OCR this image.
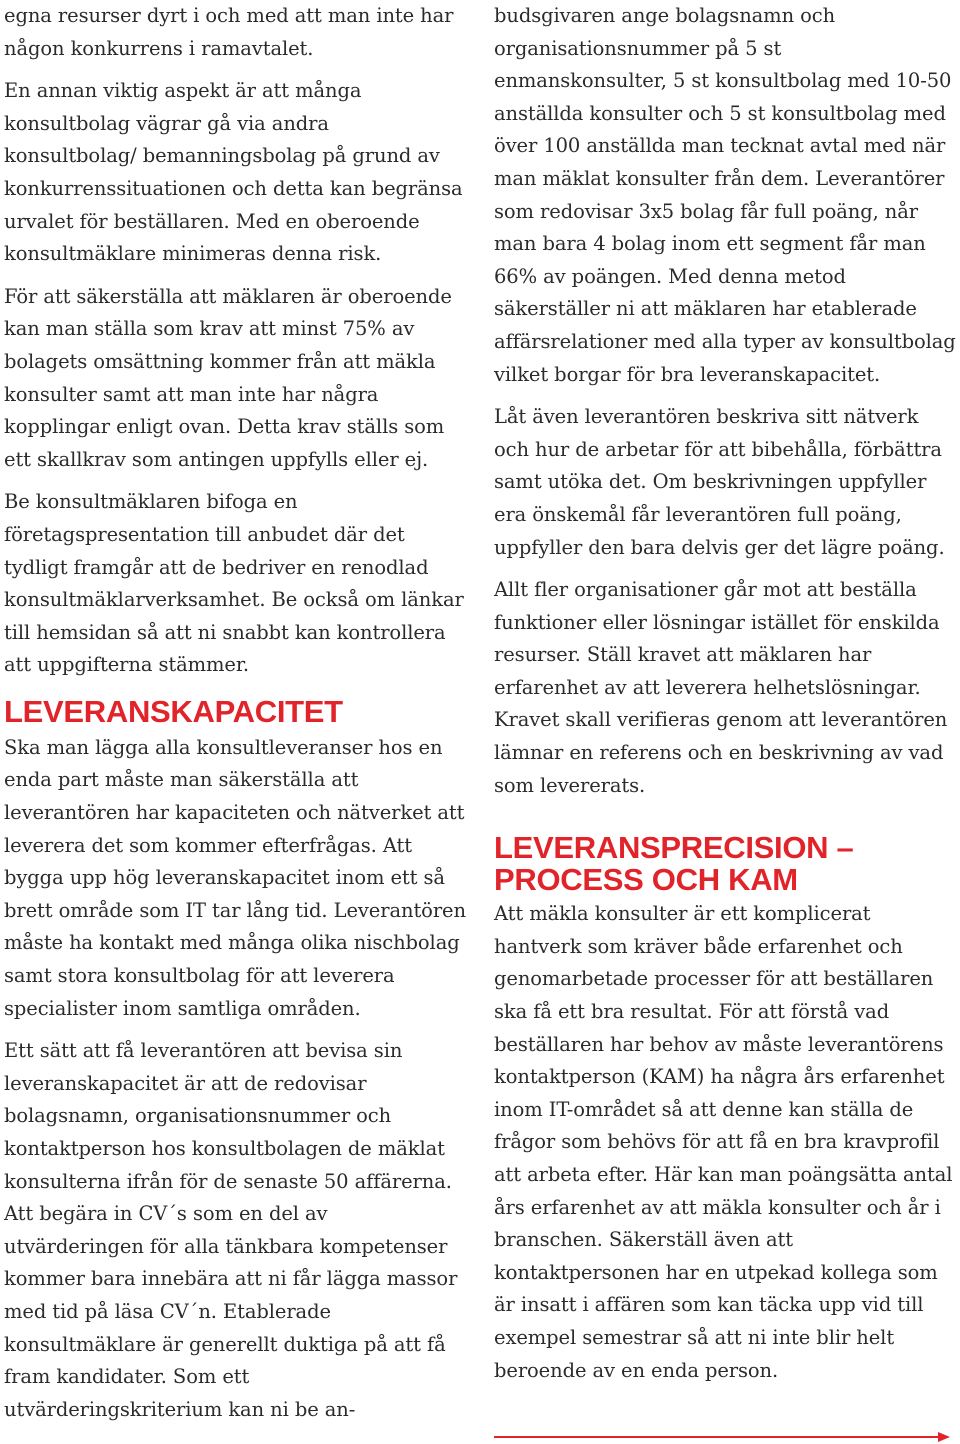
egna resurser dyrt i och med att man inte har någon konkurrens i ramavtalet.

En annan viktig aspekt är att många konsultbolag vägrar gå via andra konsultbolag/ bemanningsbolag på grund av konkurrenssituationen och detta kan begränsa urvalet för beställaren. Med en oberoende konsultmäklare minimeras denna risk.

För att säkerställa att mäklaren är oberoende kan man ställa som krav att minst 75% av bolagets omsättning kommer från att mäkla konsulter samt att man inte har några kopplingar enligt ovan. Detta krav ställs som ett skallkrav som antingen uppfylls eller ej.

Be konsultmäklaren bifoga en företagspresentation till anbudet där det tydligt framgår att de bedriver en renodlad konsultmäklarverksamhet. Be också om länkar till hemsidan så att ni snabbt kan kontrollera att uppgifterna stämmer.

LEVERANSKAPACITET

Ska man lägga alla konsultleveranser hos en enda part måste man säkerställa att leverantören har kapaciteten och nätverket att leverera det som kommer efterfrågas. Att bygga upp hög leveranskapacitet inom ett så brett område som IT tar lång tid. Leverantören måste ha kontakt med många olika nischbolag samt stora konsultbolag för att leverera specialister inom samtliga områden.

Ett sätt att få leverantören att bevisa sin leveranskapacitet är att de redovisar bolagsnamn, organisationsnummer och kontaktperson hos konsultbolagen de mäklat konsulterna ifrån för de senaste 50 affärerna. Att begära in CV´s som en del av utvärderingen för alla tänkbara kompetenser kommer bara innebära att ni får lägga massor med tid på läsa CV´n. Etablerade konsultmäklare är generellt duktiga på att få fram kandidater. Som ett utvärderingskriterium kan ni be an-

budsgivaren ange bolagsnamn och organisationsnummer på 5 st enmanskonsulter, 5 st konsultbolag med 10-50 anställda konsulter och 5 st konsultbolag med över 100 anställda man tecknat avtal med när man mäklat konsulter från dem. Leverantörer som redovisar 3x5 bolag får full poäng, når man bara 4 bolag inom ett segment får man 66% av poängen. Med denna metod säkerställer ni att mäklaren har etablerade affärsrelationer med alla typer av konsultbolag vilket borgar för bra leveranskapacitet.

Låt även leverantören beskriva sitt nätverk och hur de arbetar för att bibehålla, förbättra samt utöka det. Om beskrivningen uppfyller era önskemål får leverantören full poäng, uppfyller den bara delvis ger det lägre poäng.

Allt fler organisationer går mot att beställa funktioner eller lösningar istället för enskilda resurser. Ställ kravet att mäklaren har erfarenhet av att leverera helhetslösningar. Kravet skall verifieras genom att leverantören lämnar en referens och en beskrivning av vad som levererats.

LEVERANSPRECISION –
PROCESS OCH KAM

Att mäkla konsulter är ett komplicerat hantverk som kräver både erfarenhet och genomarbetade processer för att beställaren ska få ett bra resultat. För att förstå vad beställaren har behov av måste leverantörens kontaktperson (KAM) ha några års erfarenhet inom IT-området så att denne kan ställa de frågor som behövs för att få en bra kravprofil att arbeta efter. Här kan man poängsätta antal års erfarenhet av att mäkla konsulter och år i branschen. Säkerställ även att kontaktpersonen har en utpekad kollega som är insatt i affären som kan täcka upp vid till exempel semestrar så att ni inte blir helt beroende av en enda person.
